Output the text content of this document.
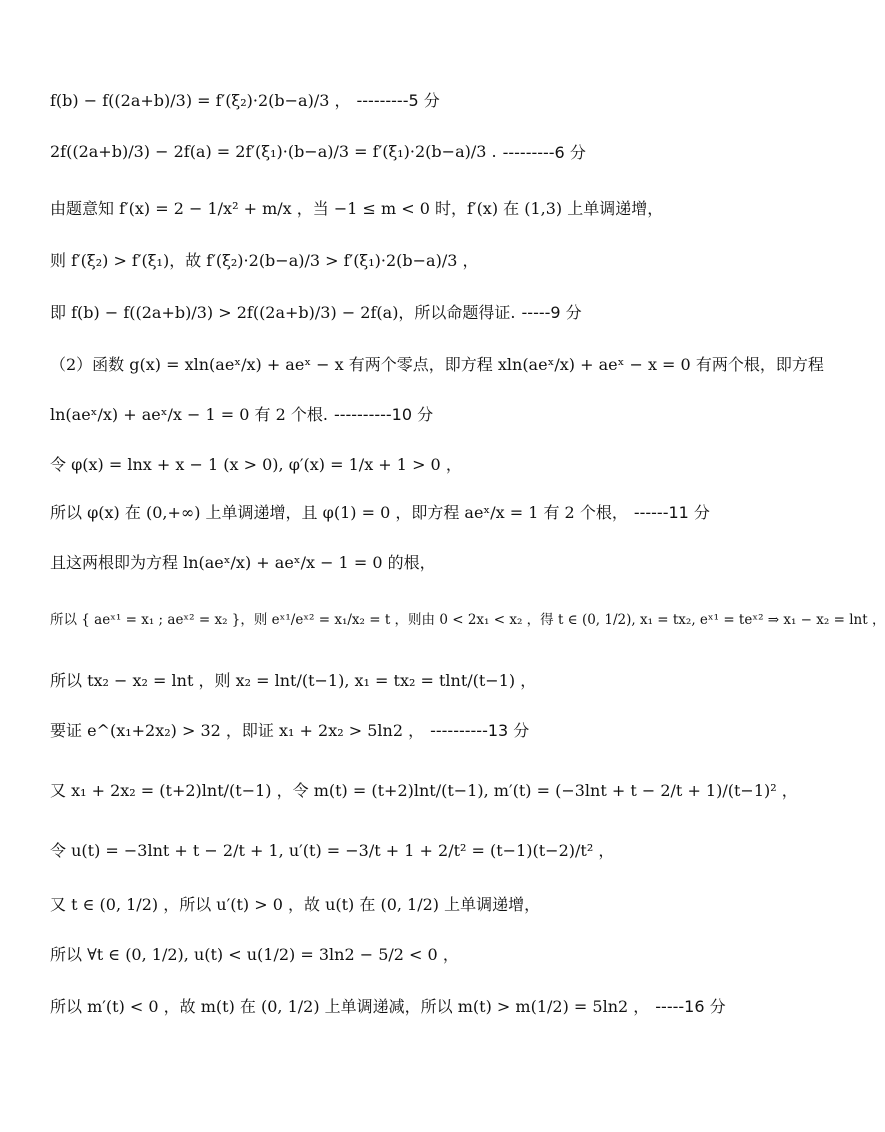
f(b) − f((2a+b)/3) = f′(ξ₂)·2(b−a)/3 ， ---------5 分
2f((2a+b)/3) − 2f(a) = 2f′(ξ₁)·(b−a)/3 = f′(ξ₁)·2(b−a)/3 . ---------6 分
由题意知 f′(x) = 2 − 1/x² + m/x ，当 −1 ≤ m < 0 时，f′(x) 在 (1,3) 上单调递增，
则 f′(ξ₂) > f′(ξ₁)，故 f′(ξ₂)·2(b−a)/3 > f′(ξ₁)·2(b−a)/3 ，
即 f(b) − f((2a+b)/3) > 2f((2a+b)/3) − 2f(a)，所以命题得证. -----9 分
（2）函数 g(x) = xln(aeˣ/x) + aeˣ − x 有两个零点，即方程 xln(aeˣ/x) + aeˣ − x = 0 有两个根，即方程
ln(aeˣ/x) + aeˣ/x − 1 = 0 有 2 个根. ----------10 分
令 φ(x) = lnx + x − 1 (x > 0), φ′(x) = 1/x + 1 > 0 ，
所以 φ(x) 在 (0,+∞) 上单调递增，且 φ(1) = 0 ，即方程 aeˣ/x = 1 有 2 个根， ------11 分
且这两根即为方程 ln(aeˣ/x) + aeˣ/x − 1 = 0 的根，
所以 { aeˣ¹ = x₁ ; aeˣ² = x₂ }，则 eˣ¹/eˣ² = x₁/x₂ = t ，则由 0 < 2x₁ < x₂ ，得 t ∈ (0, 1/2), x₁ = tx₂, eˣ¹ = teˣ² ⇒ x₁ − x₂ = lnt ，
所以 tx₂ − x₂ = lnt ，则 x₂ = lnt/(t−1), x₁ = tx₂ = tlnt/(t−1) ，
要证 e^(x₁+2x₂) > 32 ，即证 x₁ + 2x₂ > 5ln2 ， ----------13 分
又 x₁ + 2x₂ = (t+2)lnt/(t−1) ，令 m(t) = (t+2)lnt/(t−1), m′(t) = (−3lnt + t − 2/t + 1)/(t−1)² ，
令 u(t) = −3lnt + t − 2/t + 1, u′(t) = −3/t + 1 + 2/t² = (t−1)(t−2)/t² ，
又 t ∈ (0, 1/2) ，所以 u′(t) > 0 ，故 u(t) 在 (0, 1/2) 上单调递增，
所以 ∀t ∈ (0, 1/2), u(t) < u(1/2) = 3ln2 − 5/2 < 0 ，
所以 m′(t) < 0 ，故 m(t) 在 (0, 1/2) 上单调递减，所以 m(t) > m(1/2) = 5ln2 ， -----16 分
